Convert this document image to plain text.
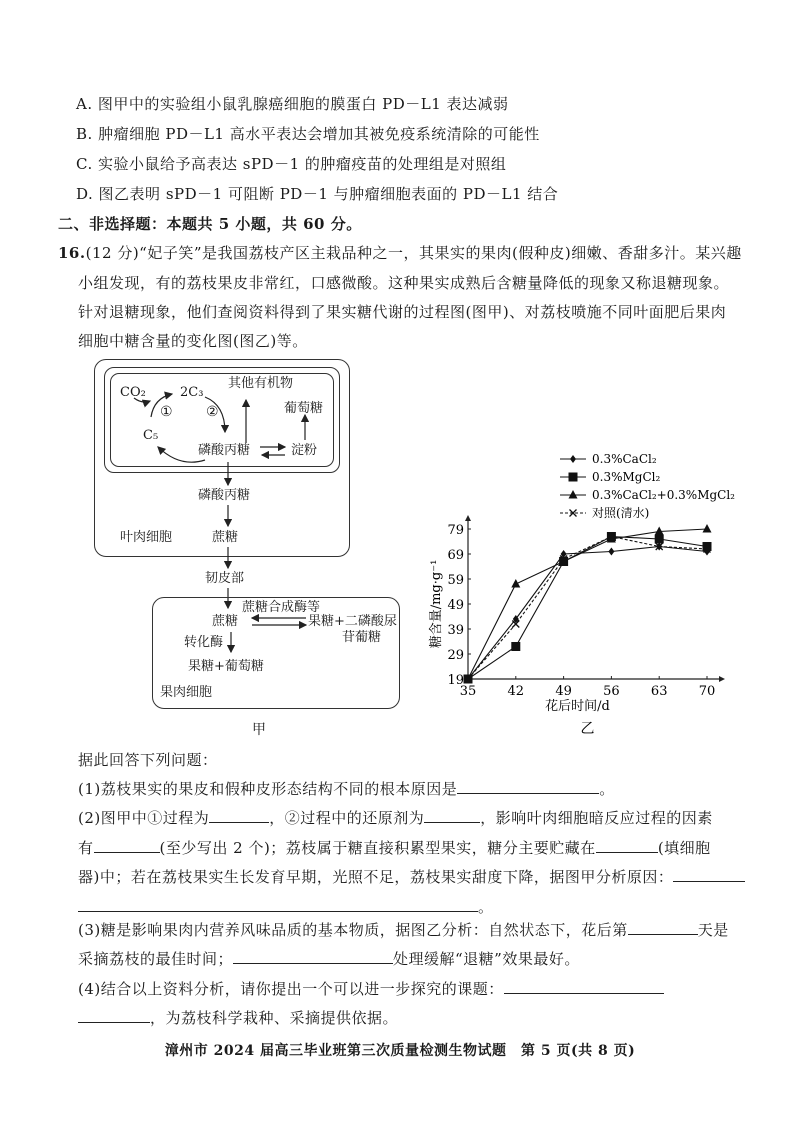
A. 图甲中的实验组小鼠乳腺癌细胞的膜蛋白 PD－L1 表达减弱
B. 肿瘤细胞 PD－L1 高水平表达会增加其被免疫系统清除的可能性
C. 实验小鼠给予高表达 sPD－1 的肿瘤疫苗的处理组是对照组
D. 图乙表明 sPD－1 可阻断 PD－1 与肿瘤细胞表面的 PD－L1 结合
二、非选择题：本题共 5 小题，共 60 分。
16.(12 分)“妃子笑”是我国荔枝产区主栽品种之一，其果实的果肉(假种皮)细嫩、香甜多汁。某兴趣
小组发现，有的荔枝果皮非常红，口感微酸。这种果实成熟后含糖量降低的现象又称退糖现象。
针对退糖现象，他们查阅资料得到了果实糖代谢的过程图(图甲)、对荔枝喷施不同叶面肥后果肉
细胞中糖含量的变化图(图乙)等。
CO₂	2C₃
① ②
C₅
其他有机物
葡萄糖
磷酸丙糖	淀粉
磷酸丙糖
蔗糖
叶肉细胞
韧皮部
蔗糖合成酶等
蔗糖	果糖+二磷酸尿
苷葡糖
转化酶
果糖+葡萄糖
果肉细胞
甲
19
29
39
49
59
69
79
35 42 49 56 63 70
花后时间/d
糖含量/mg·g⁻¹
0.3%CaCl₂
0.3%MgCl₂
0.3%CaCl₂+0.3%MgCl₂
对照(清水)
乙
据此回答下列问题：
(1)荔枝果实的果皮和假种皮形态结构不同的根本原因是	。
(2)图甲中①过程为	，②过程中的还原剂为	，影响叶肉细胞暗反应过程的因素
有	(至少写出 2 个)；荔枝属于糖直接积累型果实，糖分主要贮藏在	(填细胞
器)中；若在荔枝果实生长发育早期，光照不足，荔枝果实甜度下降，据图甲分析原因：
。
(3)糖是影响果肉内营养风味品质的基本物质，据图乙分析：自然状态下，花后第	天是
采摘荔枝的最佳时间；	处理缓解“退糖”效果最好。
(4)结合以上资料分析，请你提出一个可以进一步探究的课题：
，为荔枝科学栽种、采摘提供依据。
漳州市 2024 届高三毕业班第三次质量检测生物试题　第 5 页(共 8 页)
